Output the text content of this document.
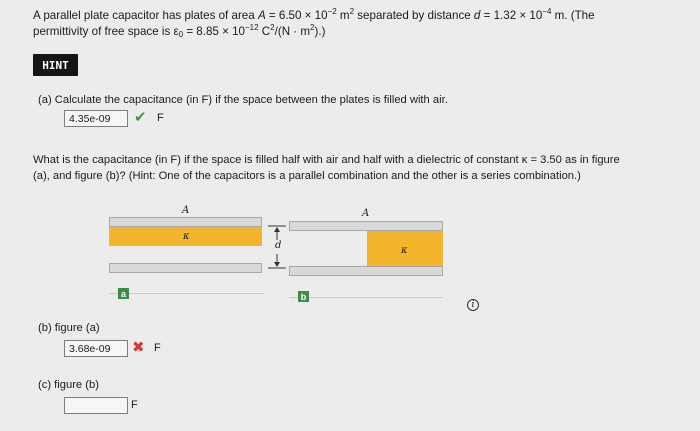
A parallel plate capacitor has plates of area $A = 6.50 \times 10^{-2}$ $m^2$ separated by distance $d = 1.32 \times 10^{-4}$ m. (The
permittivity of free space is $\varepsilon_0 = 8.85 \times 10^{-12}$ $C^2/(N \cdot m^2)$.)
HINT
(a) Calculate the capacitance (in F) if the space between the plates is filled with air.
4.35e-09	✔ F
What is the capacitance (in F) if the space is filled half with air and half with a dielectric of constant κ = 3.50 as in figure
(a), and figure (b)? (Hint: One of the capacitors is a parallel combination and the other is a series combination.)
A
κ
a
d
A
κ
b
i
(b) figure (a)
3.68e-09	✖ F
(c) figure (b)
F
